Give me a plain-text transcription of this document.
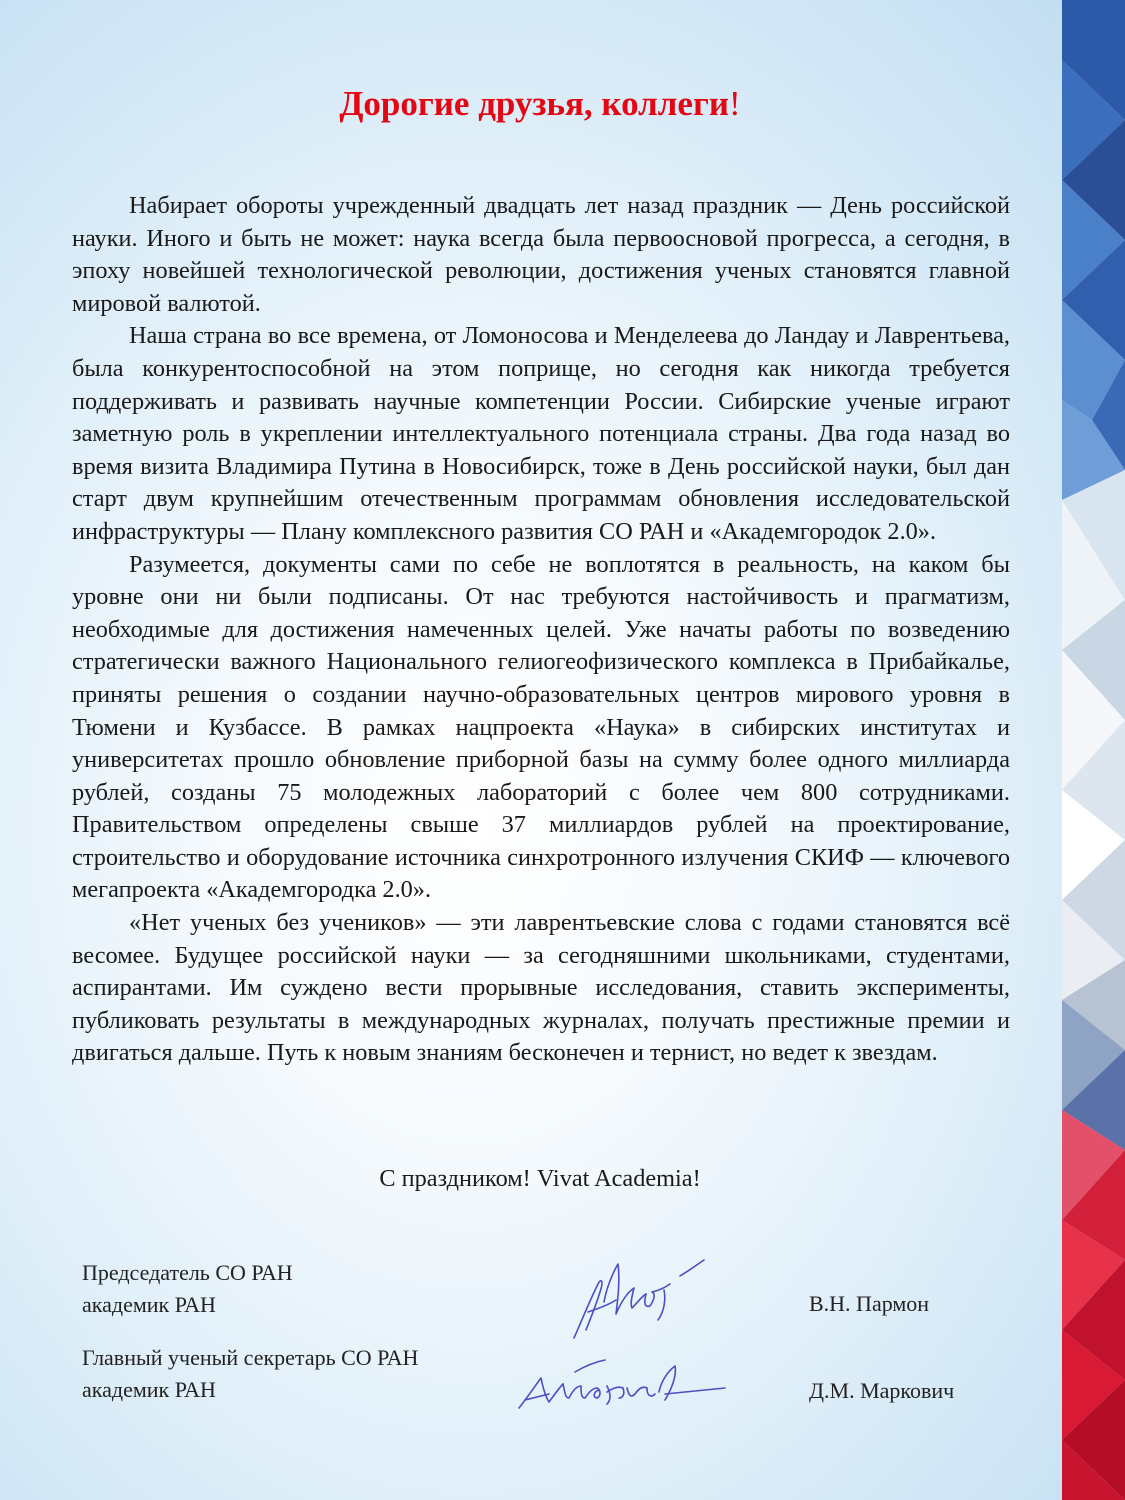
Дорогие друзья, коллеги!

Набирает обороты учрежденный двадцать лет назад праздник — День российской науки. Иного и быть не может: наука всегда была первоосновой прогресса, а сегодня, в эпоху новейшей технологической революции, достижения ученых становятся главной мировой валютой.

Наша страна во все времена, от Ломоносова и Менделеева до Ландау и Лаврентьева, была конкурентоспособной на этом поприще, но сегодня как никогда требуется поддерживать и развивать научные компетенции России. Сибирские ученые играют заметную роль в укреплении интеллектуального потенциала страны. Два года назад во время визита Владимира Путина в Новосибирск, тоже в День российской науки, был дан старт двум крупнейшим отечественным программам обновления исследовательской инфраструктуры — Плану комплексного развития СО РАН и «Академгородок 2.0».

Разумеется, документы сами по себе не воплотятся в реальность, на каком бы уровне они ни были подписаны. От нас требуются настойчивость и прагматизм, необходимые для достижения намеченных целей. Уже начаты работы по возведению стратегически важного Национального гелиогеофизического комплекса в Прибайкалье, приняты решения о создании научно-образовательных центров мирового уровня в Тюмени и Кузбассе. В рамках нацпроекта «Наука» в сибирских институтах и университетах прошло обновление приборной базы на сумму более одного миллиарда рублей, созданы 75 молодежных лабораторий с более чем 800 сотрудниками. Правительством определены свыше 37 миллиардов рублей на проектирование, строительство и оборудование источника синхротронного излучения СКИФ — ключевого мегапроекта «Академгородка 2.0».

«Нет ученых без учеников» — эти лаврентьевские слова с годами становятся всё весомее. Будущее российской науки — за сегодняшними школьниками, студентами, аспирантами. Им суждено вести прорывные исследования, ставить эксперименты, публиковать результаты в международных журналах, получать престижные премии и двигаться дальше. Путь к новым знаниям бесконечен и тернист, но ведет к звездам.

С праздником! Vivat Academia!
Председатель СО РАН
академик РАН	В.Н. Пармон
Главный ученый секретарь СО РАН
академик РАН	Д.М. Маркович
